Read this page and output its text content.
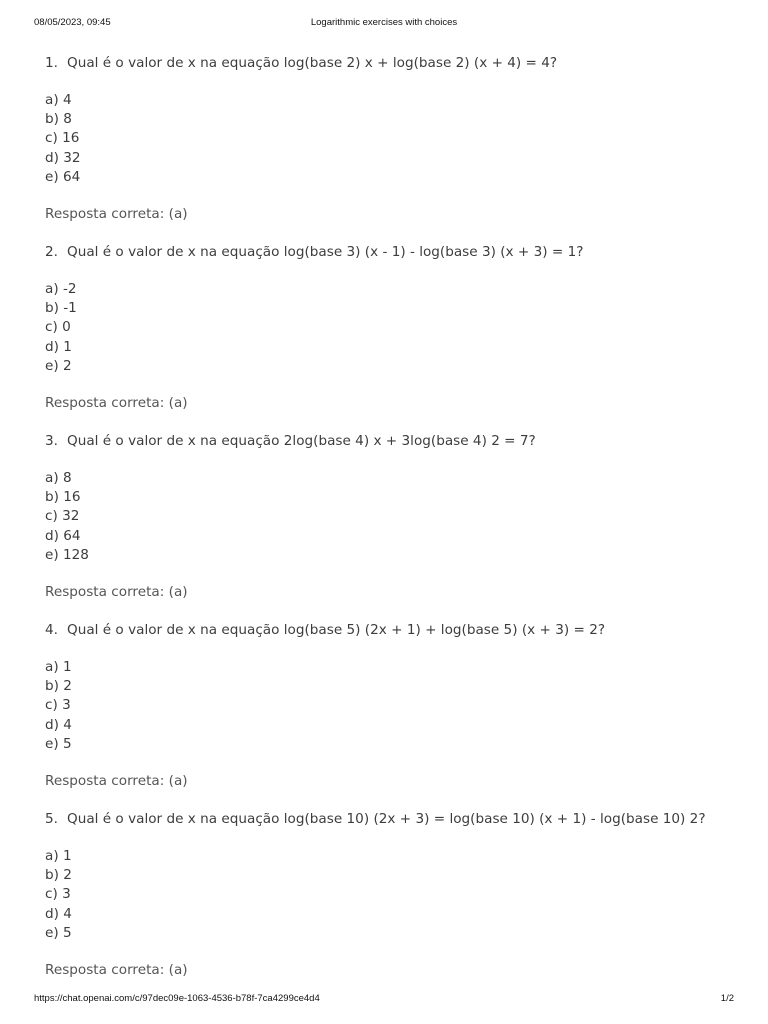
08/05/2023, 09:45	Logarithmic exercises with choices
1. Qual é o valor de x na equação log(base 2) x + log(base 2) (x + 4) = 4?
a) 4
b) 8
c) 16
d) 32
e) 64
Resposta correta: (a)
2. Qual é o valor de x na equação log(base 3) (x - 1) - log(base 3) (x + 3) = 1?
a) -2
b) -1
c) 0
d) 1
e) 2
Resposta correta: (a)
3. Qual é o valor de x na equação 2log(base 4) x + 3log(base 4) 2 = 7?
a) 8
b) 16
c) 32
d) 64
e) 128
Resposta correta: (a)
4. Qual é o valor de x na equação log(base 5) (2x + 1) + log(base 5) (x + 3) = 2?
a) 1
b) 2
c) 3
d) 4
e) 5
Resposta correta: (a)
5. Qual é o valor de x na equação log(base 10) (2x + 3) = log(base 10) (x + 1) - log(base 10) 2?
a) 1
b) 2
c) 3
d) 4
e) 5
Resposta correta: (a)
https://chat.openai.com/c/97dec09e-1063-4536-b78f-7ca4299ce4d4	1/2
